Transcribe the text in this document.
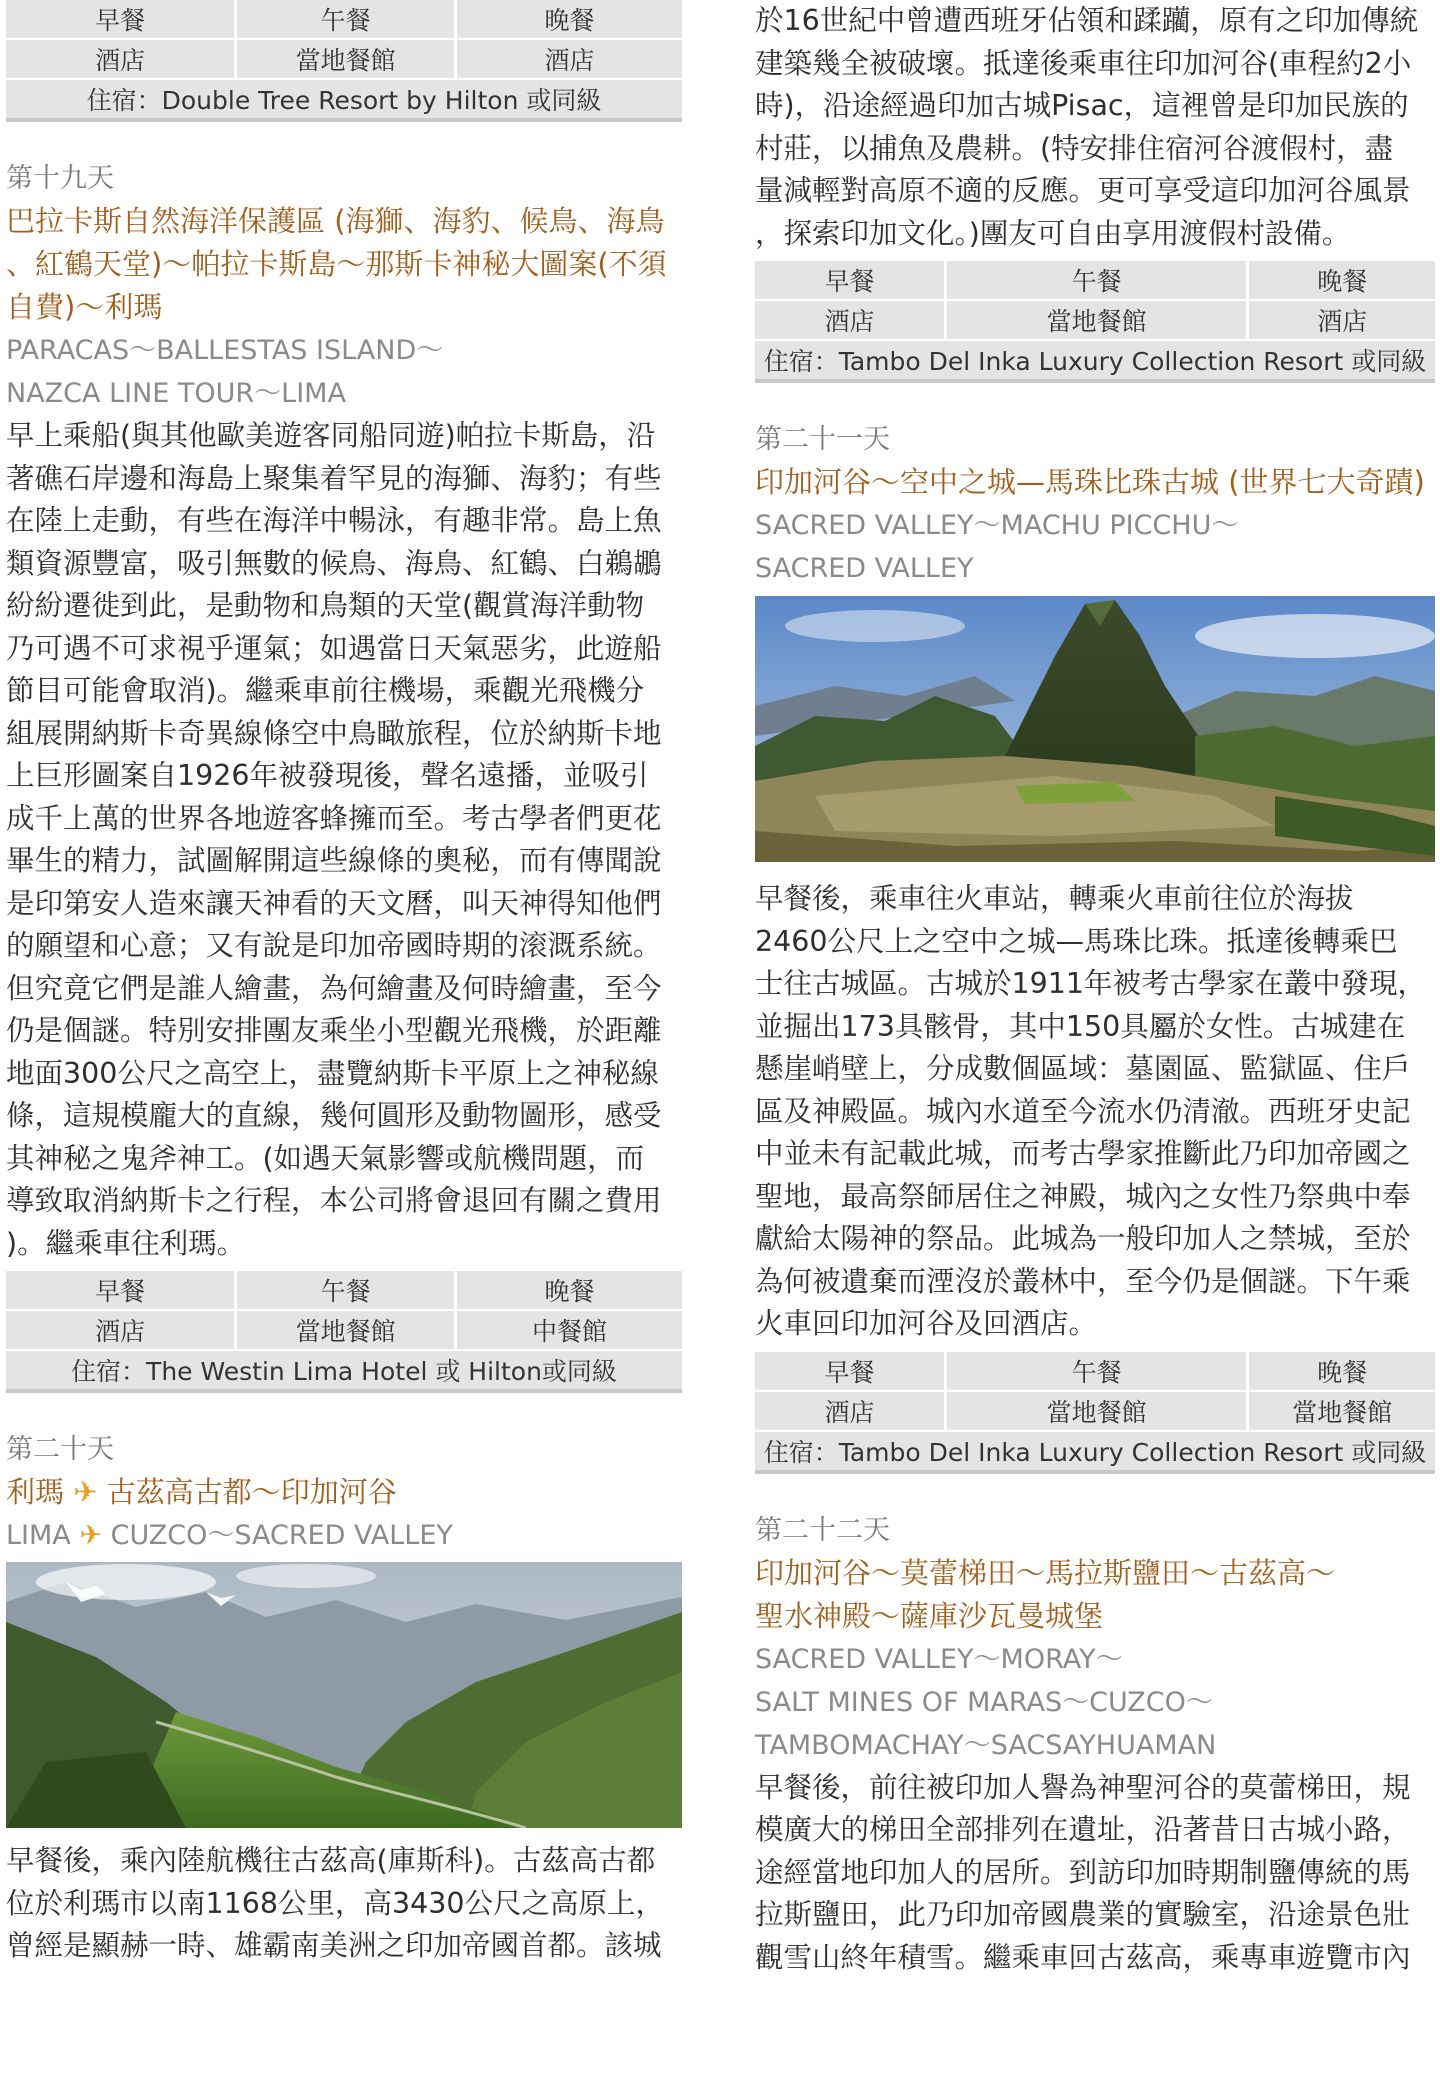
早餐	午餐	晚餐
酒店	當地餐館	酒店
住宿：Double Tree Resort by Hilton 或同級		
第十九天
巴拉卡斯自然海洋保護區 (海獅、海豹、候鳥、海鳥
、紅鶴天堂)～帕拉卡斯島～那斯卡神秘大圖案(不須
自費)～利瑪
PARACAS～BALLESTAS ISLAND～
NAZCA LINE TOUR～LIMA
早上乘船(與其他歐美遊客同船同遊)帕拉卡斯島，沿
著礁石岸邊和海島上聚集着罕見的海獅、海豹；有些
在陸上走動，有些在海洋中暢泳，有趣非常。島上魚
類資源豐富，吸引無數的候鳥、海鳥、紅鶴、白鵜鶘
紛紛遷徙到此，是動物和鳥類的天堂(觀賞海洋動物
乃可遇不可求視乎運氣；如遇當日天氣惡劣，此遊船
節目可能會取消)。繼乘車前往機場，乘觀光飛機分
組展開納斯卡奇異線條空中鳥瞰旅程，位於納斯卡地
上巨形圖案自1926年被發現後，聲名遠播，並吸引
成千上萬的世界各地遊客蜂擁而至。考古學者們更花
畢生的精力，試圖解開這些線條的奧秘，而有傳聞說
是印第安人造來讓天神看的天文曆，叫天神得知他們
的願望和心意；又有說是印加帝國時期的滚溉系統。
但究竟它們是誰人繪畫，為何繪畫及何時繪畫，至今
仍是個謎。特別安排團友乘坐小型觀光飛機，於距離
地面300公尺之高空上，盡覽納斯卡平原上之神秘線
條，這規模龐大的直線，幾何圓形及動物圖形，感受
其神秘之鬼斧神工。(如遇天氣影響或航機問題，而
導致取消納斯卡之行程，本公司將會退回有關之費用
)。繼乘車往利瑪。
早餐	午餐	晚餐
酒店	當地餐館	中餐館
住宿：The Westin Lima Hotel 或 Hilton或同級		
第二十天
利瑪 ✈ 古茲高古都～印加河谷
LIMA ✈ CUZCO～SACRED VALLEY
早餐後，乘內陸航機往古茲高(庫斯科)。古茲高古都
位於利瑪市以南1168公里，高3430公尺之高原上，
曾經是顯赫一時、雄霸南美洲之印加帝國首都。該城
於16世紀中曾遭西班牙佔領和蹂躪，原有之印加傳統
建築幾全被破壞。抵達後乘車往印加河谷(車程約2小
時)，沿途經過印加古城Pisac，這裡曾是印加民族的
村莊，以捕魚及農耕。(特安排住宿河谷渡假村，盡
量減輕對高原不適的反應。更可享受這印加河谷風景
，探索印加文化。)團友可自由享用渡假村設備。
早餐	午餐	晚餐
酒店	當地餐館	酒店
住宿：Tambo Del Inka Luxury Collection Resort 或同級		
第二十一天
印加河谷～空中之城—馬珠比珠古城 (世界七大奇蹟)
SACRED VALLEY～MACHU PICCHU～
SACRED VALLEY
早餐後，乘車往火車站，轉乘火車前往位於海拔
2460公尺上之空中之城—馬珠比珠。抵達後轉乘巴
士往古城區。古城於1911年被考古學家在叢中發現，
並掘出173具骸骨，其中150具屬於女性。古城建在
懸崖峭壁上，分成數個區域：墓園區、監獄區、住戶
區及神殿區。城內水道至今流水仍清澈。西班牙史記
中並未有記載此城，而考古學家推斷此乃印加帝國之
聖地，最高祭師居住之神殿，城內之女性乃祭典中奉
獻給太陽神的祭品。此城為一般印加人之禁城，至於
為何被遺棄而湮沒於叢林中，至今仍是個謎。下午乘
火車回印加河谷及回酒店。
早餐	午餐	晚餐
酒店	當地餐館	當地餐館
住宿：Tambo Del Inka Luxury Collection Resort 或同級		
第二十二天
印加河谷～莫蕾梯田～馬拉斯鹽田～古茲高～
聖水神殿～薩庫沙瓦曼城堡
SACRED VALLEY～MORAY～
SALT MINES OF MARAS～CUZCO～
TAMBOMACHAY～SACSAYHUAMAN
早餐後，前往被印加人譽為神聖河谷的莫蕾梯田，規
模廣大的梯田全部排列在遺址，沿著昔日古城小路，
途經當地印加人的居所。到訪印加時期制鹽傳統的馬
拉斯鹽田，此乃印加帝國農業的實驗室，沿途景色壯
觀雪山終年積雪。繼乘車回古茲高，乘專車遊覽市內
